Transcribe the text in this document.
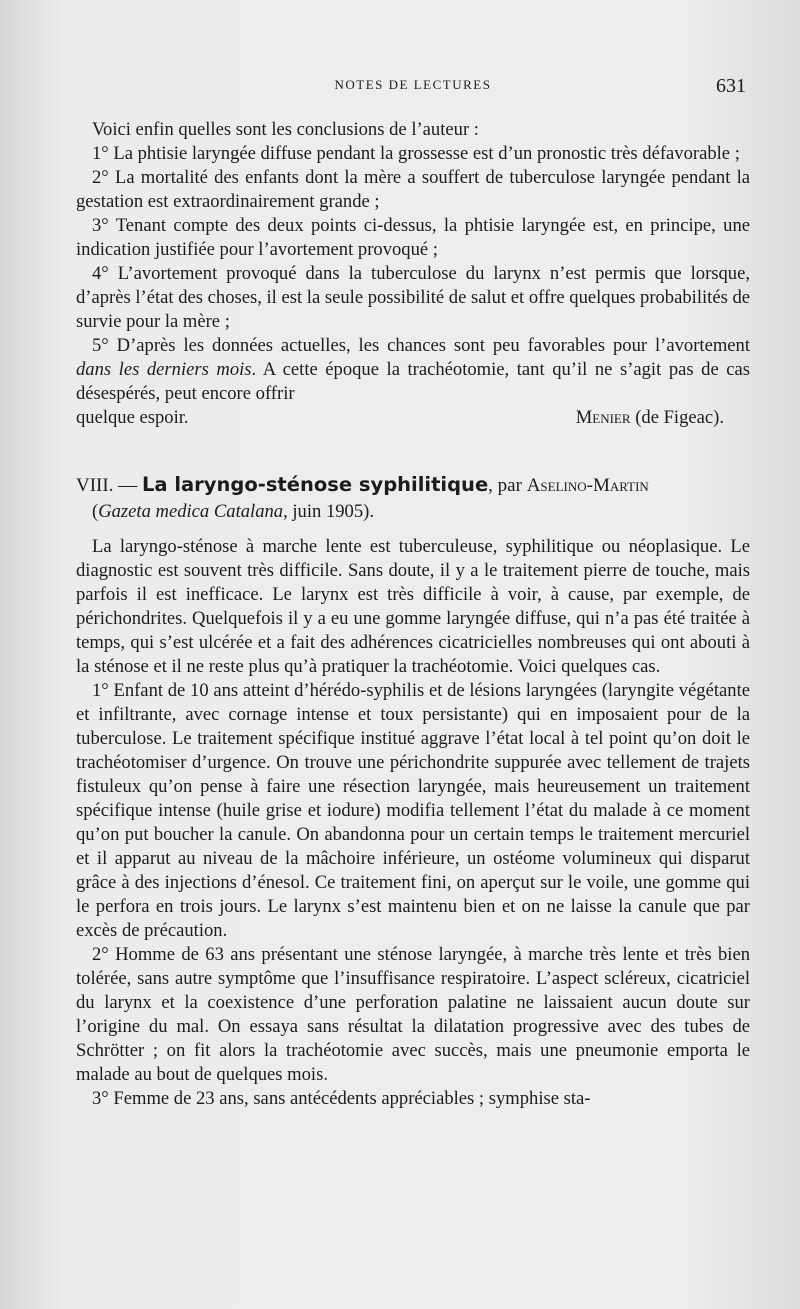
NOTES DE LECTURES	631

Voici enfin quelles sont les conclusions de l’auteur :

1° La phtisie laryngée diffuse pendant la grossesse est d’un pronostic très défavorable ;

2° La mortalité des enfants dont la mère a souffert de tuberculose laryngée pendant la gestation est extraordinairement grande ;

3° Tenant compte des deux points ci-dessus, la phtisie laryngée est, en principe, une indication justifiée pour l’avortement provoqué ;

4° L’avortement provoqué dans la tuberculose du larynx n’est permis que lorsque, d’après l’état des choses, il est la seule possibilité de salut et offre quelques probabilités de survie pour la mère ;

5° D’après les données actuelles, les chances sont peu favorables pour l’avortement dans les derniers mois. A cette époque la trachéotomie, tant qu’il ne s’agit pas de cas désespérés, peut encore offrir

quelque espoir.	Menier (de Figeac).

VIII. — La laryngo-sténose syphilitique, par Aselino-Martin
(Gazeta medica Catalana, juin 1905).

La laryngo-sténose à marche lente est tuberculeuse, syphilitique ou néoplasique. Le diagnostic est souvent très difficile. Sans doute, il y a le traitement pierre de touche, mais parfois il est inefficace. Le larynx est très difficile à voir, à cause, par exemple, de périchondrites. Quelquefois il y a eu une gomme laryngée diffuse, qui n’a pas été traitée à temps, qui s’est ulcérée et a fait des adhérences cicatricielles nombreuses qui ont abouti à la sténose et il ne reste plus qu’à pratiquer la trachéotomie. Voici quelques cas.

1° Enfant de 10 ans atteint d’hérédo-syphilis et de lésions laryngées (laryngite végétante et infiltrante, avec cornage intense et toux persistante) qui en imposaient pour de la tuberculose. Le traitement spécifique institué aggrave l’état local à tel point qu’on doit le trachéotomiser d’urgence. On trouve une périchondrite suppurée avec tellement de trajets fistuleux qu’on pense à faire une résection laryngée, mais heureusement un traitement spécifique intense (huile grise et iodure) modifia tellement l’état du malade à ce moment qu’on put boucher la canule. On abandonna pour un certain temps le traitement mercuriel et il apparut au niveau de la mâchoire inférieure, un ostéome volumineux qui disparut grâce à des injections d’énesol. Ce traitement fini, on aperçut sur le voile, une gomme qui le perfora en trois jours. Le larynx s’est maintenu bien et on ne laisse la canule que par excès de précaution.

2° Homme de 63 ans présentant une sténose laryngée, à marche très lente et très bien tolérée, sans autre symptôme que l’insuffisance respiratoire. L’aspect scléreux, cicatriciel du larynx et la coexistence d’une perforation palatine ne laissaient aucun doute sur l’origine du mal. On essaya sans résultat la dilatation progressive avec des tubes de Schrötter ; on fit alors la trachéotomie avec succès, mais une pneumonie emporta le malade au bout de quelques mois.

3° Femme de 23 ans, sans antécédents appréciables ; symphise sta-
